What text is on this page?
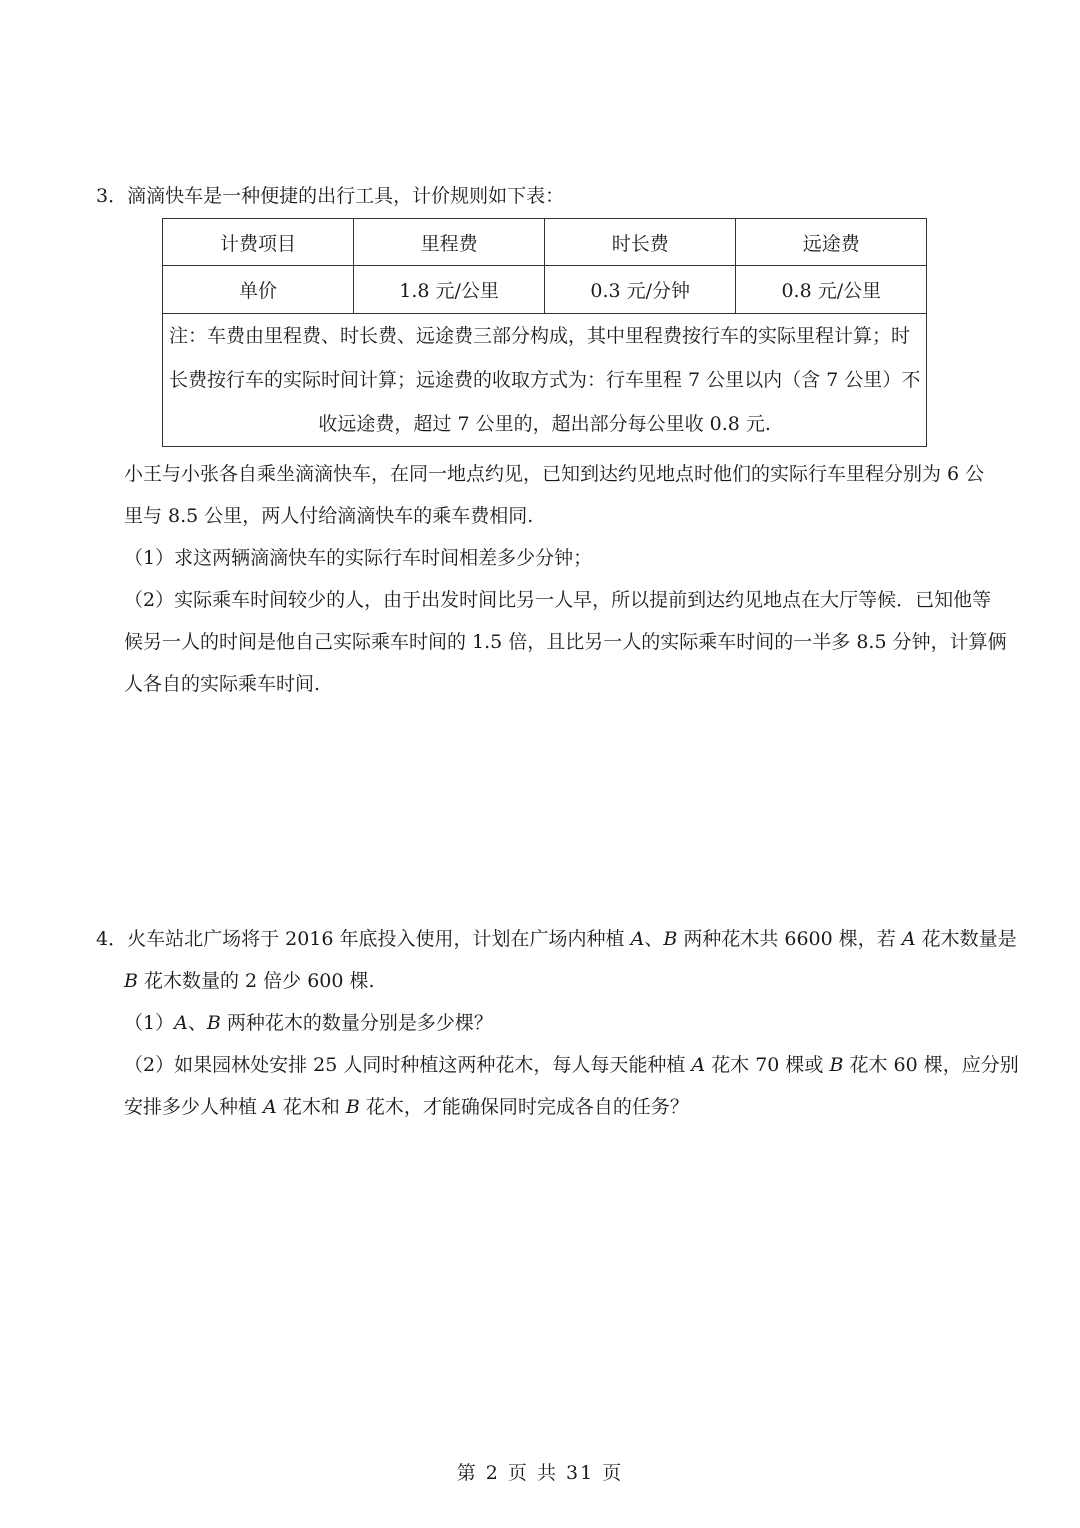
3．滴滴快车是一种便捷的出行工具，计价规则如下表：
计费项目	里程费	时长费	远途费
单价	1.8 元/公里	0.3 元/分钟	0.8 元/公里

注：车费由里程费、时长费、远途费三部分构成，其中里程费按行车的实际里程计算；时
长费按行车的实际时间计算；远途费的收取方式为：行车里程 7 公里以内（含 7 公里）不
收远途费，超过 7 公里的，超出部分每公里收 0.8 元.			
小王与小张各自乘坐滴滴快车，在同一地点约见，已知到达约见地点时他们的实际行车里程分别为 6 公
里与 8.5 公里，两人付给滴滴快车的乘车费相同.
（1）求这两辆滴滴快车的实际行车时间相差多少分钟；
（2）实际乘车时间较少的人，由于出发时间比另一人早，所以提前到达约见地点在大厅等候．已知他等
候另一人的时间是他自己实际乘车时间的 1.5 倍，且比另一人的实际乘车时间的一半多 8.5 分钟，计算俩
人各自的实际乘车时间.
4．火车站北广场将于 2016 年底投入使用，计划在广场内种植 A、B 两种花木共 6600 棵，若 A 花木数量是
B 花木数量的 2 倍少 600 棵.
（1）A、B 两种花木的数量分别是多少棵？
（2）如果园林处安排 25 人同时种植这两种花木，每人每天能种植 A 花木 70 棵或 B 花木 60 棵，应分别
安排多少人种植 A 花木和 B 花木，才能确保同时完成各自的任务？
第 2 页 共 31 页
